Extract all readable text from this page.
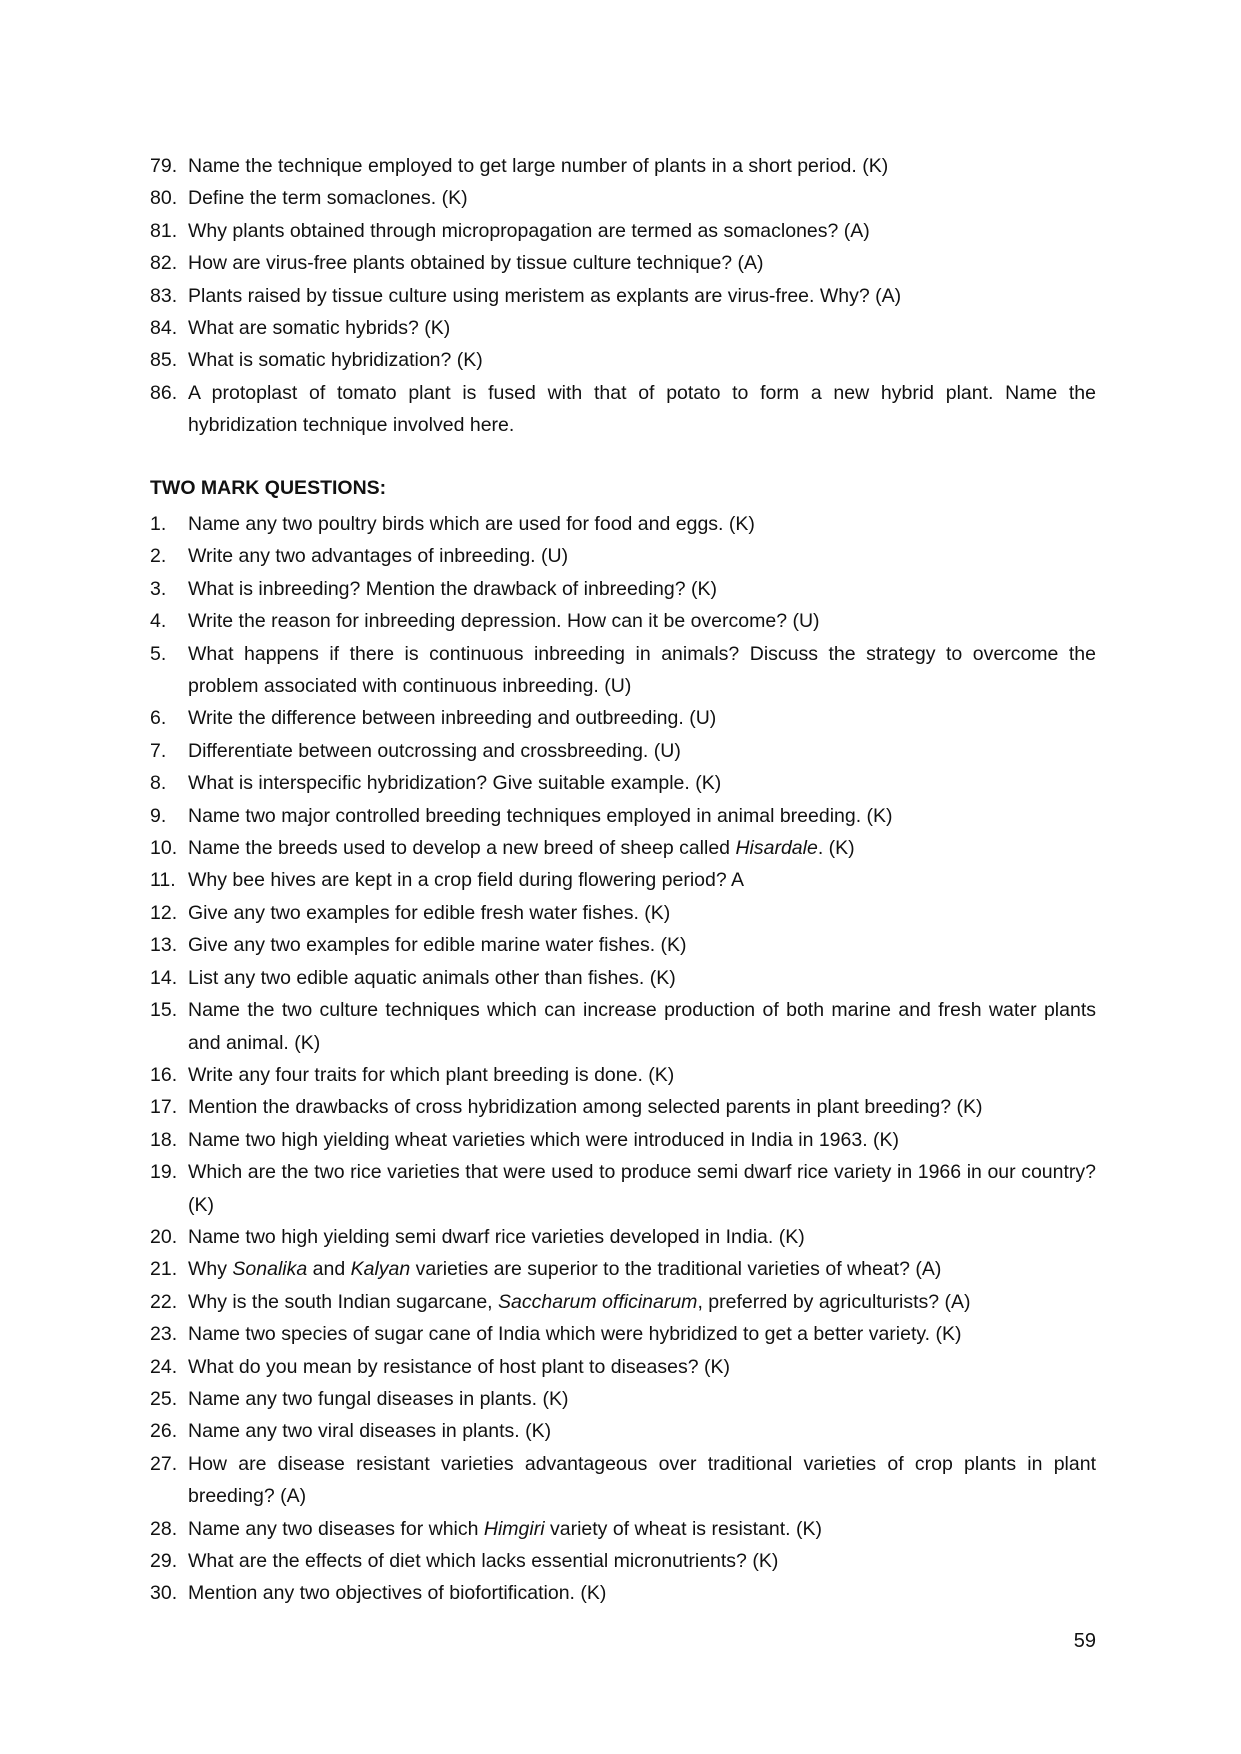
79. Name the technique employed to get large number of plants in a short period. (K)
80. Define the term somaclones. (K)
81. Why plants obtained through micropropagation are termed as somaclones? (A)
82. How are virus-free plants obtained by tissue culture technique? (A)
83. Plants raised by tissue culture using meristem as explants are virus-free. Why? (A)
84. What are somatic hybrids? (K)
85. What is somatic hybridization? (K)
86. A protoplast of tomato plant is fused with that of potato to form a new hybrid plant. Name the hybridization technique involved here.
TWO MARK QUESTIONS:
1. Name any two poultry birds which are used for food and eggs. (K)
2. Write any two advantages of inbreeding. (U)
3. What is inbreeding? Mention the drawback of inbreeding? (K)
4. Write the reason for inbreeding depression. How can it be overcome? (U)
5. What happens if there is continuous inbreeding in animals? Discuss the strategy to overcome the problem associated with continuous inbreeding. (U)
6. Write the difference between inbreeding and outbreeding. (U)
7. Differentiate between outcrossing and crossbreeding. (U)
8. What is interspecific hybridization? Give suitable example. (K)
9. Name two major controlled breeding techniques employed in animal breeding. (K)
10. Name the breeds used to develop a new breed of sheep called Hisardale. (K)
11. Why bee hives are kept in a crop field during flowering period? A
12. Give any two examples for edible fresh water fishes. (K)
13. Give any two examples for edible marine water fishes. (K)
14. List any two edible aquatic animals other than fishes. (K)
15. Name the two culture techniques which can increase production of both marine and fresh water plants and animal. (K)
16. Write any four traits for which plant breeding is done. (K)
17. Mention the drawbacks of cross hybridization among selected parents in plant breeding? (K)
18. Name two high yielding wheat varieties which were introduced in India in 1963. (K)
19. Which are the two rice varieties that were used to produce semi dwarf rice variety in 1966 in our country? (K)
20. Name two high yielding semi dwarf rice varieties developed in India. (K)
21. Why Sonalika and Kalyan varieties are superior to the traditional varieties of wheat? (A)
22. Why is the south Indian sugarcane, Saccharum officinarum, preferred by agriculturists? (A)
23. Name two species of sugar cane of India which were hybridized to get a better variety. (K)
24. What do you mean by resistance of host plant to diseases? (K)
25. Name any two fungal diseases in plants. (K)
26. Name any two viral diseases in plants. (K)
27. How are disease resistant varieties advantageous over traditional varieties of crop plants in plant breeding? (A)
28. Name any two diseases for which Himgiri variety of wheat is resistant. (K)
29. What are the effects of diet which lacks essential micronutrients? (K)
30. Mention any two objectives of biofortification. (K)
59
